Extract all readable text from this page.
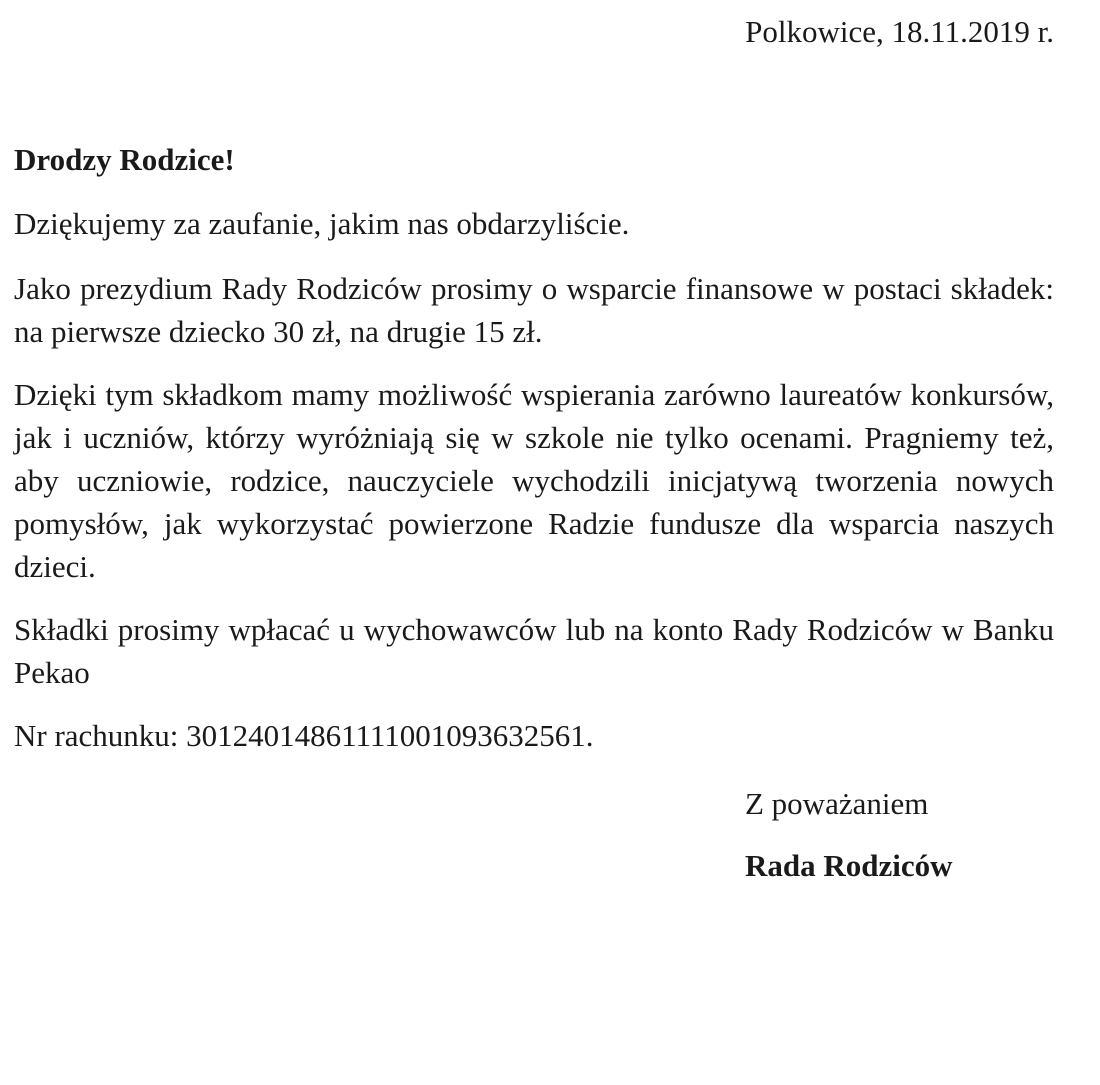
Polkowice, 18.11.2019 r.
Drodzy Rodzice!

Dziękujemy za zaufanie, jakim nas obdarzyliście.

Jako prezydium Rady Rodziców prosimy o wsparcie finansowe w postaci składek: na pierwsze dziecko 30 zł, na drugie 15 zł.

Dzięki tym składkom mamy możliwość wspierania zarówno laureatów konkursów, jak i uczniów, którzy wyróżniają się w szkole nie tylko ocenami. Pragniemy też, aby uczniowie, rodzice, nauczyciele wychodzili inicjatywą tworzenia nowych pomysłów, jak wykorzystać powierzone Radzie fundusze dla wsparcia naszych dzieci.

Składki prosimy wpłacać u wychowawców lub na konto Rady Rodziców w Banku Pekao

Nr rachunku: 30124014861111001093632561.

Z poważaniem
Rada Rodziców
